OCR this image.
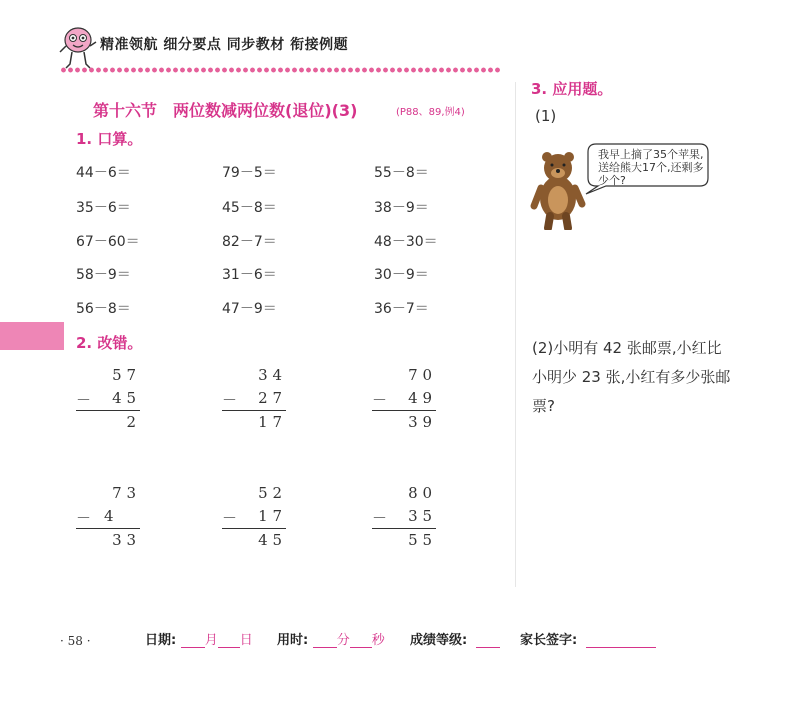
精准领航 细分要点 同步教材 衔接例题
第十六节　两位数减两位数(退位)(3)	(P88、89,例4)
1. 口算。
44－6＝	79－5＝	55－8＝
35－6＝	45－8＝	38－9＝
67－60＝	82－7＝	48－30＝
58－9＝	31－6＝	30－9＝
56－8＝	47－9＝	36－7＝
2. 改错。
5 7
－ 4 5
2
3 4
－ 2 7
1 7
7 0
－ 4 9
3 9
7 3
－ 4
3 3
5 2
－ 1 7
4 5
8 0
－ 3 5
5 5
3. 应用题。
(1)
我早上摘了35个苹果,送给熊大17个,还剩多少个?
(2)小明有 42 张邮票,小红比小明少 23 张,小红有多少张邮票?
· 58 ·	日期: 月 日 用时: 分 秒 成绩等级:	家长签字:
